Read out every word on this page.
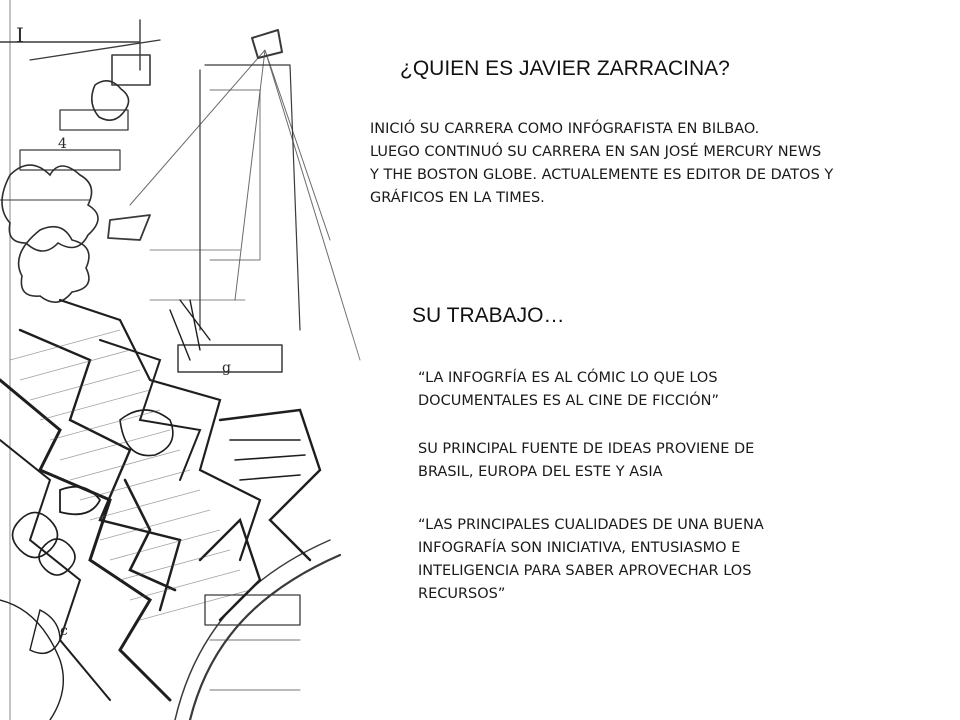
¿QUIEN ES JAVIER ZARRACINA?
INICIÓ SU CARRERA COMO INFÓGRAFISTA EN BILBAO.
LUEGO CONTINUÓ SU CARRERA EN SAN JOSÉ MERCURY NEWS
Y THE BOSTON GLOBE. ACTUALEMENTE ES EDITOR DE DATOS Y
GRÁFICOS EN LA TIMES.
SU TRABAJO…
“LA INFOGRFÍA ES AL CÓMIC LO QUE LOS
DOCUMENTALES ES AL CINE DE FICCIÓN”
SU PRINCIPAL FUENTE DE IDEAS PROVIENE DE
BRASIL, EUROPA DEL ESTE Y ASIA
“LAS PRINCIPALES CUALIDADES DE UNA BUENA
INFOGRAFÍA SON INICIATIVA, ENTUSIASMO E
INTELIGENCIA PARA SABER APROVECHAR LOS
RECURSOS”
